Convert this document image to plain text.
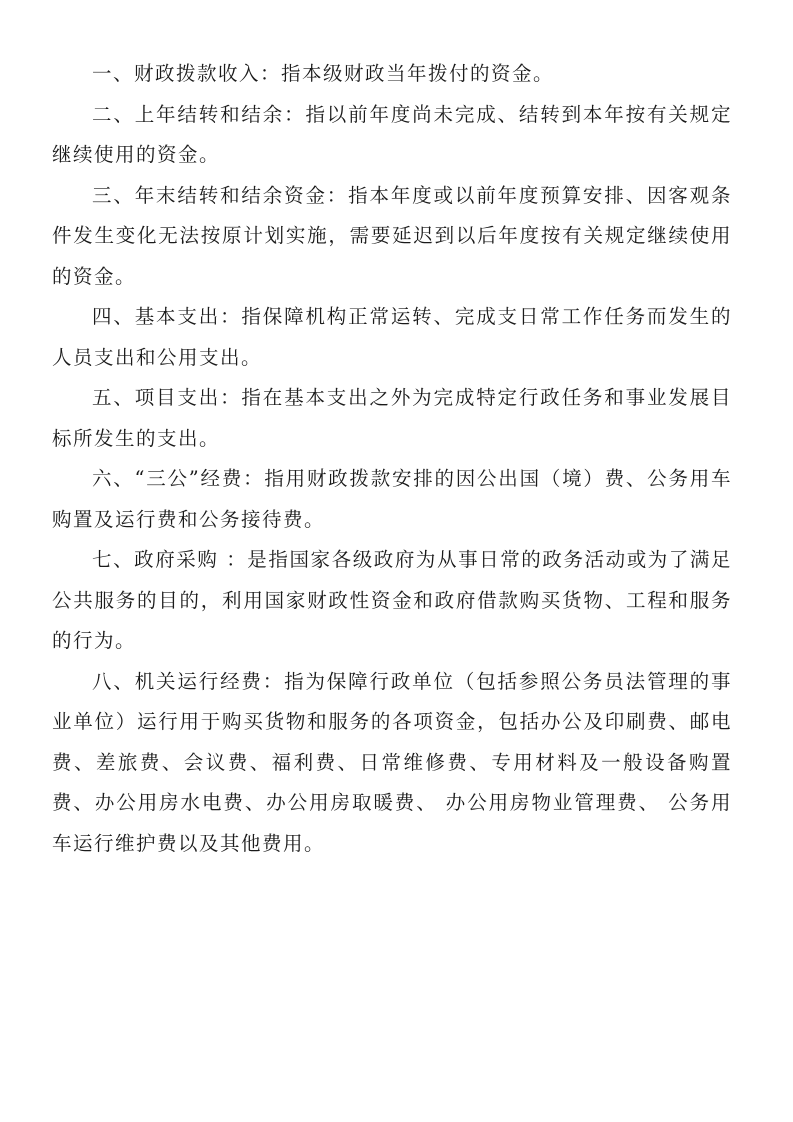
一、财政拨款收入：指本级财政当年拨付的资金。

二、上年结转和结余：指以前年度尚未完成、结转到本年按有关规定继续使用的资金。

三、年末结转和结余资金：指本年度或以前年度预算安排、因客观条件发生变化无法按原计划实施，需要延迟到以后年度按有关规定继续使用的资金。

四、基本支出：指保障机构正常运转、完成支日常工作任务而发生的人员支出和公用支出。

五、项目支出：指在基本支出之外为完成特定行政任务和事业发展目标所发生的支出。

六、“三公”经费：指用财政拨款安排的因公出国（境）费、公务用车购置及运行费和公务接待费。

七、政府采购 ：是指国家各级政府为从事日常的政务活动或为了满足公共服务的目的，利用国家财政性资金和政府借款购买货物、工程和服务的行为。

八、机关运行经费：指为保障行政单位（包括参照公务员法管理的事业单位）运行用于购买货物和服务的各项资金，包括办公及印刷费、邮电费、差旅费、会议费、福利费、日常维修费、专用材料及一般设备购置费、办公用房水电费、办公用房取暖费、 办公用房物业管理费、 公务用车运行维护费以及其他费用。
